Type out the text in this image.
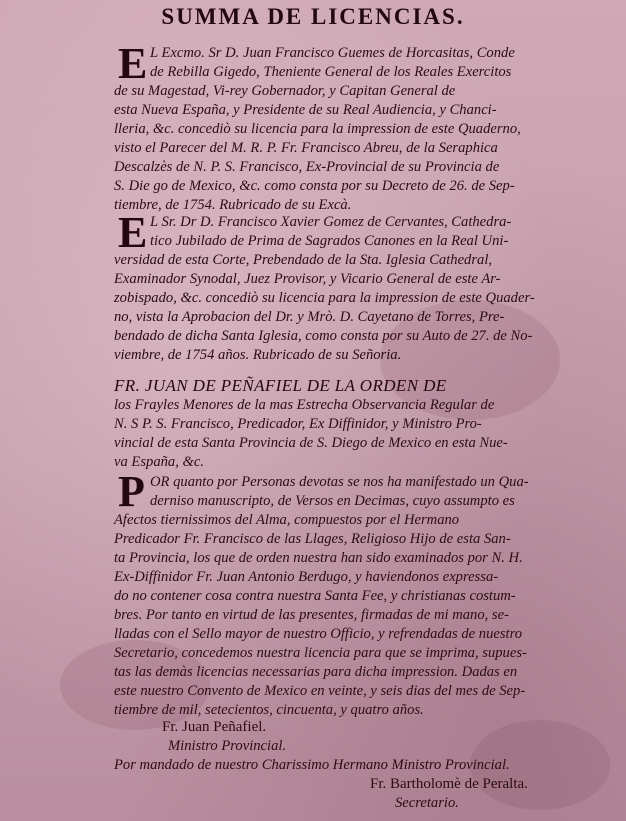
SUMMA DE LICENCIAS.
E L Excmo. Sr D. Juan Francisco Guemes de Horcasitas, Conde
de Rebilla Gigedo, Theniente General de los Reales Exercitos
de su Magestad, Vi-rey Gobernador, y Capitan General de
esta Nueva España, y Presidente de su Real Audiencia, y Chanci-
lleria, &c. concediò su licencia para la impression de este Quaderno,
visto el Parecer del M. R. P. Fr. Francisco Abreu, de la Seraphica
Descalzès de N. P. S. Francisco, Ex-Provincial de su Provincia de
S. Die go de Mexico, &c. como consta por su Decreto de 26. de Sep-
tiembre, de 1754. Rubricado de su Excà.
E L Sr. Dr D. Francisco Xavier Gomez de Cervantes, Cathedra-
tico Jubilado de Prima de Sagrados Canones en la Real Uni-
versidad de esta Corte, Prebendado de la Sta. Iglesia Cathedral,
Examinador Synodal, Juez Provisor, y Vicario General de este Ar-
zobispado, &c. concediò su licencia para la impression de este Quader-
no, vista la Aprobacion del Dr. y Mrò. D. Cayetano de Torres, Pre-
bendado de dicha Santa Iglesia, como consta por su Auto de 27. de No-
viembre, de 1754 años. Rubricado de su Señoria.
FR. JUAN DE PEÑAFIEL DE LA ORDEN DE
los Frayles Menores de la mas Estrecha Observancia Regular de
N. S P. S. Francisco, Predicador, Ex Diffinidor, y Ministro Pro-
vincial de esta Santa Provincia de S. Diego de Mexico en esta Nue-
va España, &c.
P OR quanto por Personas devotas se nos ha manifestado un Qua-
derniso manuscripto, de Versos en Decimas, cuyo assumpto es
Afectos tiernissimos del Alma, compuestos por el Hermano
Predicador Fr. Francisco de las Llages, Religioso Hijo de esta San-
ta Provincia, los que de orden nuestra han sido examinados por N. H.
Ex-Diffinidor Fr. Juan Antonio Berdugo, y haviendonos expressa-
do no contener cosa contra nuestra Santa Fee, y christianas costum-
bres. Por tanto en virtud de las presentes, firmadas de mi mano, se-
lladas con el Sello mayor de nuestro Officio, y refrendadas de nuestro
Secretario, concedemos nuestra licencia para que se imprima, supues-
tas las demàs licencias necessarias para dicha impression. Dadas en
este nuestro Convento de Mexico en veinte, y seis dias del mes de Sep-
tiembre de mil, setecientos, cincuenta, y quatro años.
Fr. Juan Peñafiel.
Ministro Provincial.
Por mandado de nuestro Charissimo Hermano Ministro Provincial.
Fr. Bartholomè de Peralta.
Secretario.
